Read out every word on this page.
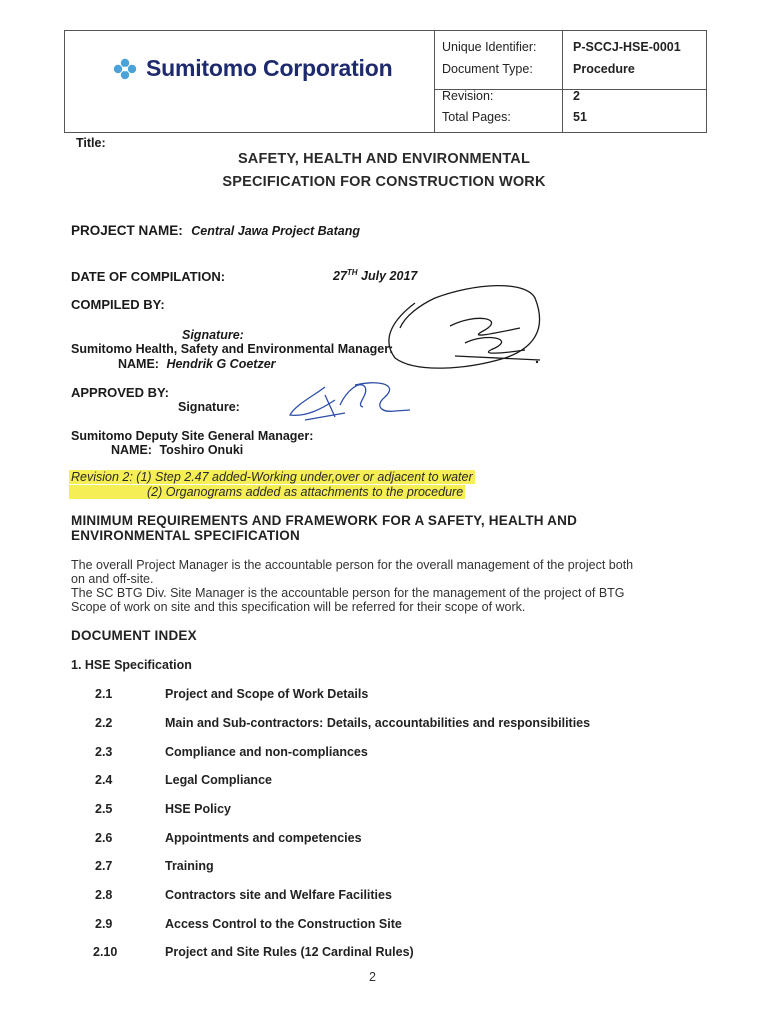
Sumitomo Corporation
Unique Identifier:	P-SCCJ-HSE-0001
Document Type:	Procedure
Revision:	2
Total Pages:	51
Title:
SAFETY, HEALTH AND ENVIRONMENTAL
SPECIFICATION FOR CONSTRUCTION WORK
PROJECT NAME: Central Jawa Project Batang
DATE OF COMPILATION:	27TH July 2017
COMPILED BY:
Signature:
Sumitomo Health, Safety and Environmental Manager:
NAME: Hendrik G Coetzer
APPROVED BY:
Signature:
Sumitomo Deputy Site General Manager:
NAME: Toshiro Onuki
Revision 2: (1) Step 2.47 added-Working under,over or adjacent to water
(2) Organograms added as attachments to the procedure
MINIMUM REQUIREMENTS AND FRAMEWORK FOR A SAFETY, HEALTH AND
ENVIRONMENTAL SPECIFICATION
The overall Project Manager is the accountable person for the overall management of the project both
on and off-site.
The SC BTG Div. Site Manager is the accountable person for the management of the project of BTG
Scope of work on site and this specification will be referred for their scope of work.
DOCUMENT INDEX
1. HSE Specification
2.1	Project and Scope of Work Details
2.2	Main and Sub-contractors: Details, accountabilities and responsibilities
2.3	Compliance and non-compliances
2.4	Legal Compliance
2.5	HSE Policy
2.6	Appointments and competencies
2.7	Training
2.8	Contractors site and Welfare Facilities
2.9	Access Control to the Construction Site
2.10	Project and Site Rules (12 Cardinal Rules)
2
